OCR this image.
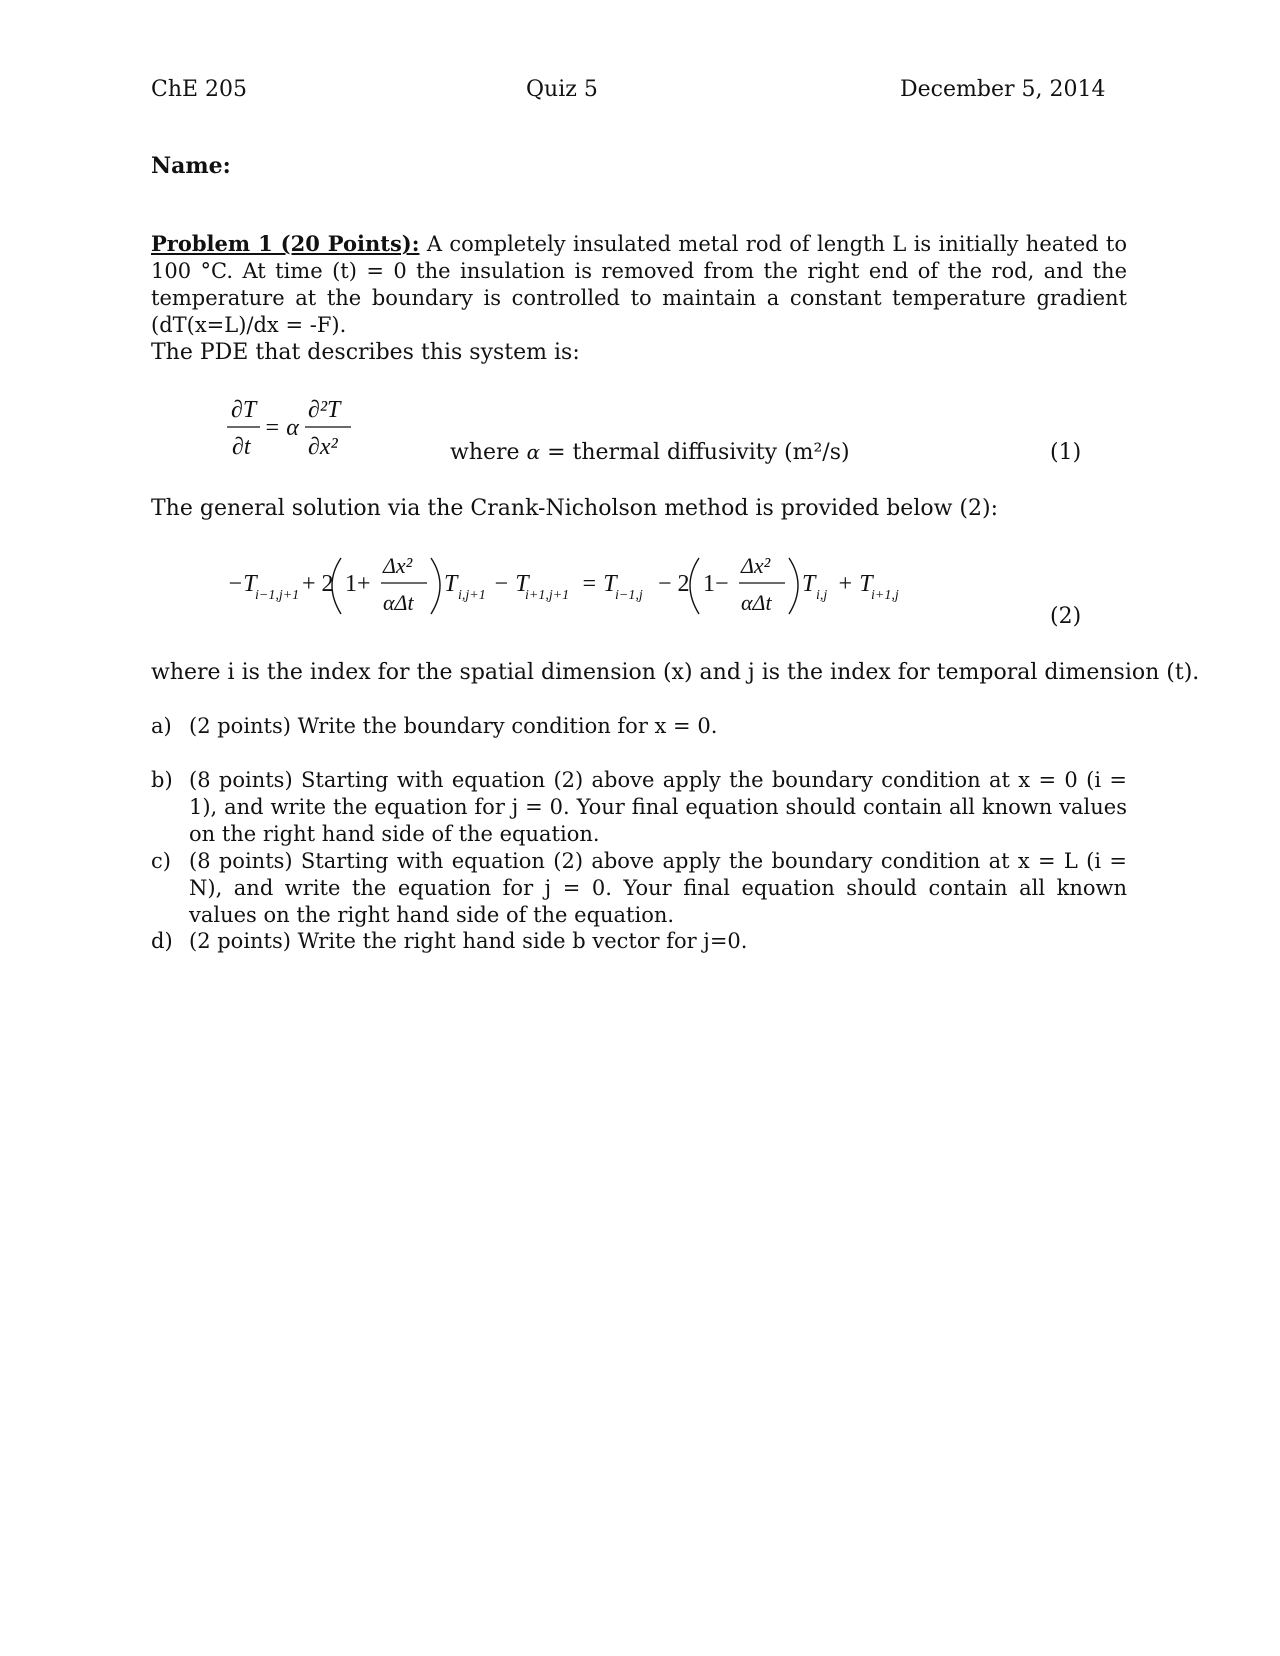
ChE 205	Quiz 5	December 5, 2014
Name:
Problem 1 (20 Points): A completely insulated metal rod of length L is initially heated to 100 °C. At time (t) = 0 the insulation is removed from the right end of the rod, and the temperature at the boundary is controlled to maintain a constant temperature gradient (dT(x=L)/dx = -F).
The PDE that describes this system is:
∂T
∂t
= α
∂²T
∂x²	where α = thermal diffusivity (m²/s)	(1)
The general solution via the Crank-Nicholson method is provided below (2):
−T
i−1,j+1 + 2 1+
Δx²
αΔt
T i,j+1 − T
i+1,j+1 = T
i−1,j − 2 1−
Δx²
αΔt
T i,j + T
i+1,j
(2)
where i is the index for the spatial dimension (x) and j is the index for temporal dimension (t).
a) (2 points) Write the boundary condition for x = 0.
b) (8 points) Starting with equation (2) above apply the boundary condition at x = 0 (i = 1), and write the equation for j = 0. Your final equation should contain all known values on the right hand side of the equation.
c) (8 points) Starting with equation (2) above apply the boundary condition at x = L (i = N), and write the equation for j = 0. Your final equation should contain all known values on the right hand side of the equation.
d) (2 points) Write the right hand side b vector for j=0.
